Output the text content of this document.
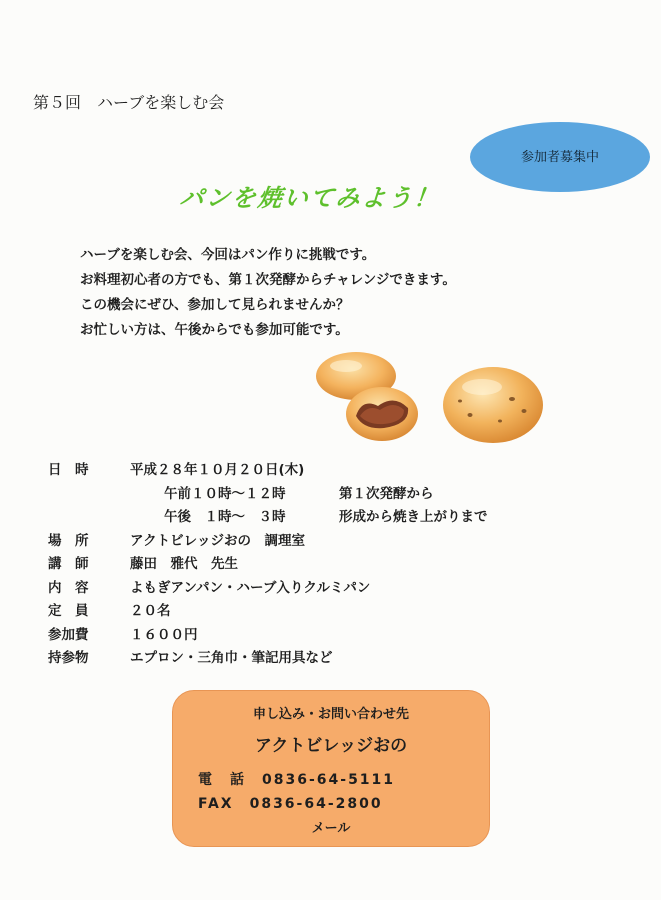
第５回　ハーブを楽しむ会
参加者募集中
パンを焼いてみよう！
ハーブを楽しむ会、今回はパン作りに挑戦です。
お料理初心者の方でも、第１次発酵からチャレンジできます。
この機会にぜひ、参加して見られませんか？
お忙しい方は、午後からでも参加可能です。
日　時	平成２８年１０月２０日(木)
午前１０時～１２時	第１次発酵から
午後　１時～　３時	形成から焼き上がりまで
場　所	アクトビレッジおの　調理室
講　師	藤田　雅代　先生
内　容	よもぎアンパン・ハーブ入りクルミパン
定　員	２０名
参加費	１６００円
持参物	エプロン・三角巾・筆記用具など
申し込み・お問い合わせ先
アクトビレッジおの
電　話　0836-64-5111
FAX　0836-64-2800
メール
